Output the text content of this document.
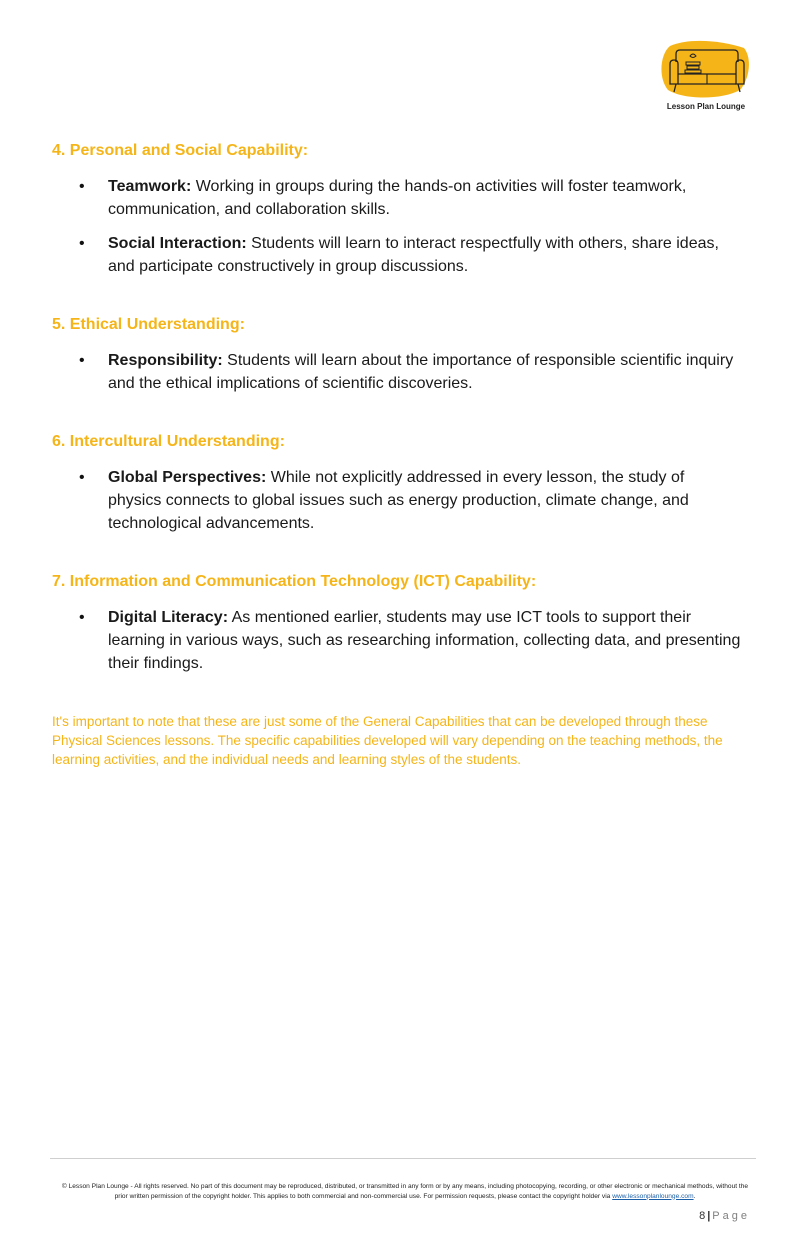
Lesson Plan Lounge
4. Personal and Social Capability:
• Teamwork: Working in groups during the hands-on activities will foster teamwork, communication, and collaboration skills.
• Social Interaction: Students will learn to interact respectfully with others, share ideas, and participate constructively in group discussions.
5. Ethical Understanding:
• Responsibility: Students will learn about the importance of responsible scientific inquiry and the ethical implications of scientific discoveries.
6. Intercultural Understanding:
• Global Perspectives: While not explicitly addressed in every lesson, the study of physics connects to global issues such as energy production, climate change, and technological advancements.
7. Information and Communication Technology (ICT) Capability:
• Digital Literacy: As mentioned earlier, students may use ICT tools to support their learning in various ways, such as researching information, collecting data, and presenting their findings.
It's important to note that these are just some of the General Capabilities that can be developed through these Physical Sciences lessons. The specific capabilities developed will vary depending on the teaching methods, the learning activities, and the individual needs and learning styles of the students.
© Lesson Plan Lounge - All rights reserved. No part of this document may be reproduced, distributed, or transmitted in any form or by any means, including photocopying, recording, or other electronic or mechanical methods, without the prior written permission of the copyright holder. This applies to both commercial and non-commercial use. For permission requests, please contact the copyright holder via www.lessonplanlounge.com.
8 | Page
